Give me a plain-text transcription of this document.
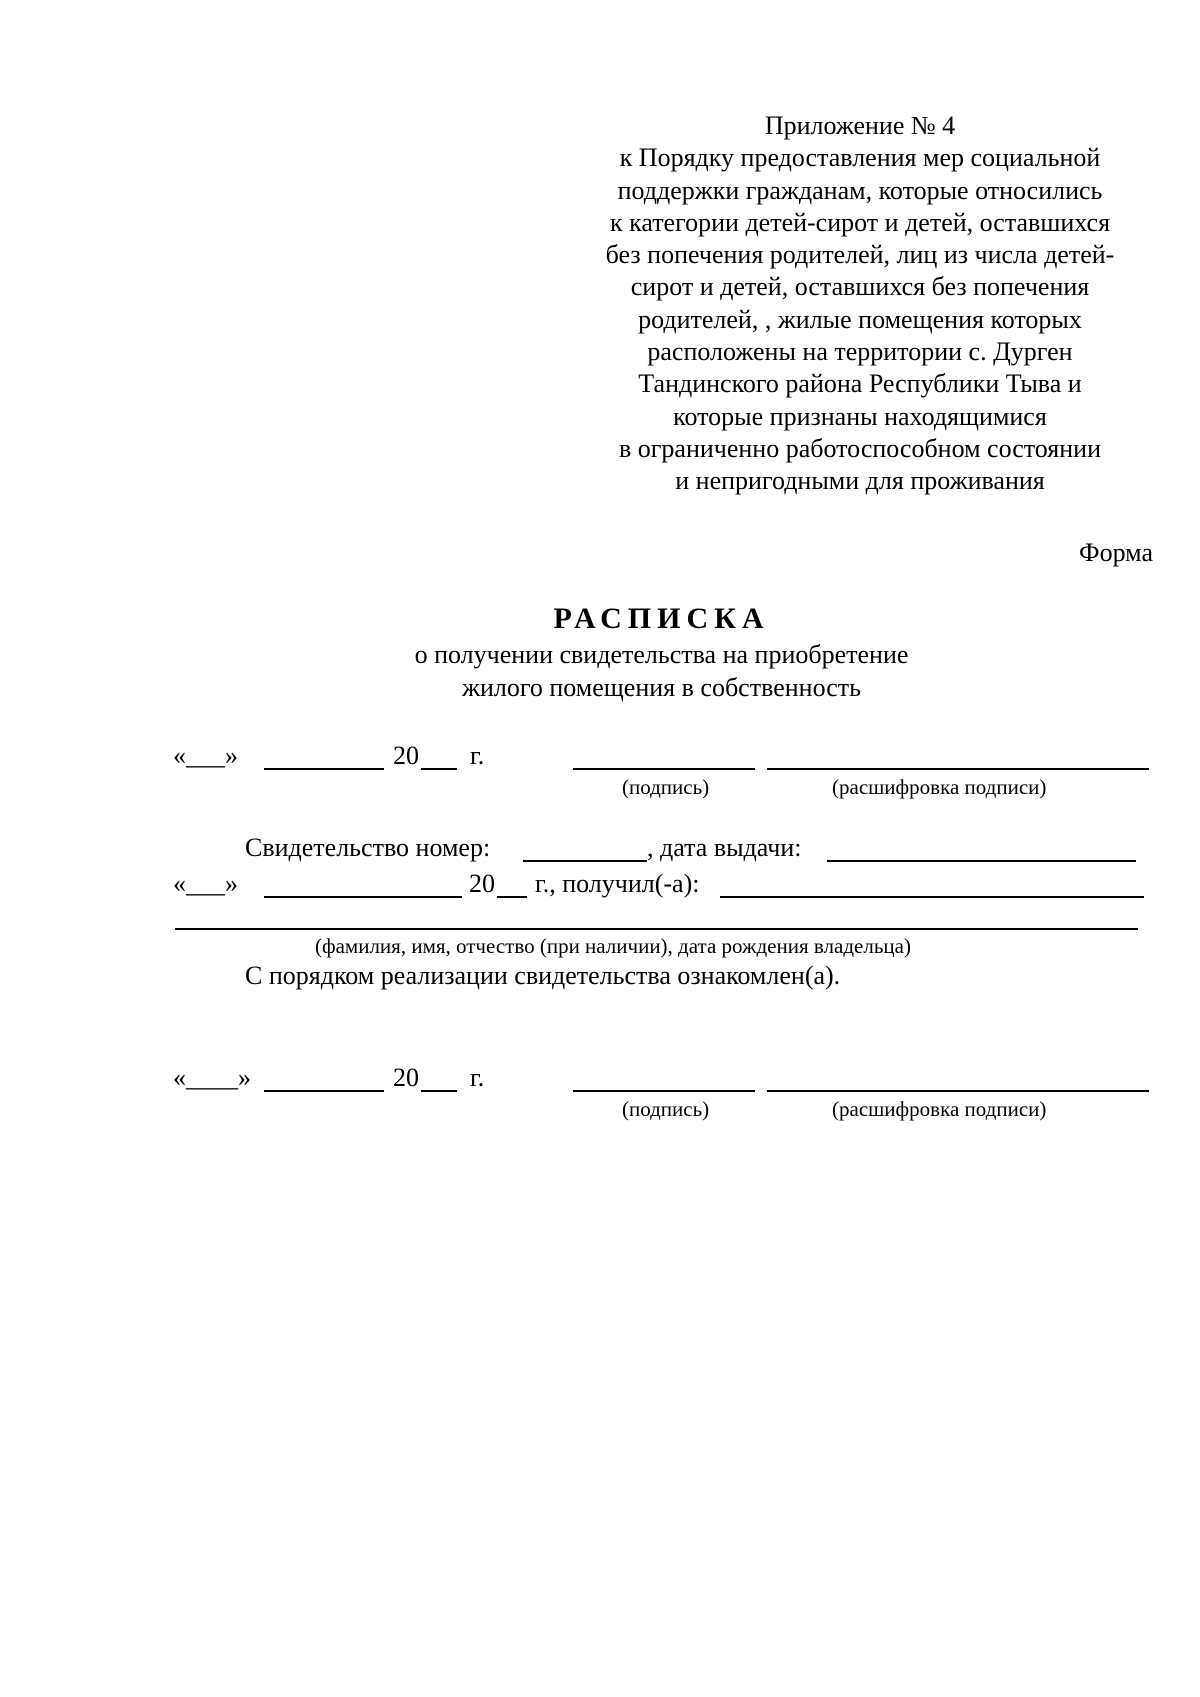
Приложение № 4
к Порядку предоставления мер социальной
поддержки гражданам, которые относились
к категории детей-сирот и детей, оставшихся
без попечения родителей, лиц из числа детей-
сирот и детей, оставшихся без попечения
родителей, , жилые помещения которых
расположены на территории с. Дурген
Тандинского района Республики Тыва и
которые признаны находящимися
в ограниченно работоспособном состоянии
и непригодными для проживания
Форма
РАСПИСКА
о получении свидетельства на приобретение
жилого помещения в собственность
«___»	20 г.
(подпись)	(расшифровка подписи)
Свидетельство номер:	, дата выдачи:
«___»	20 г., получил(-а):
(фамилия, имя, отчество (при наличии), дата рождения владельца)
С порядком реализации свидетельства ознакомлен(а).
«____»	20 г.
(подпись)	(расшифровка подписи)
